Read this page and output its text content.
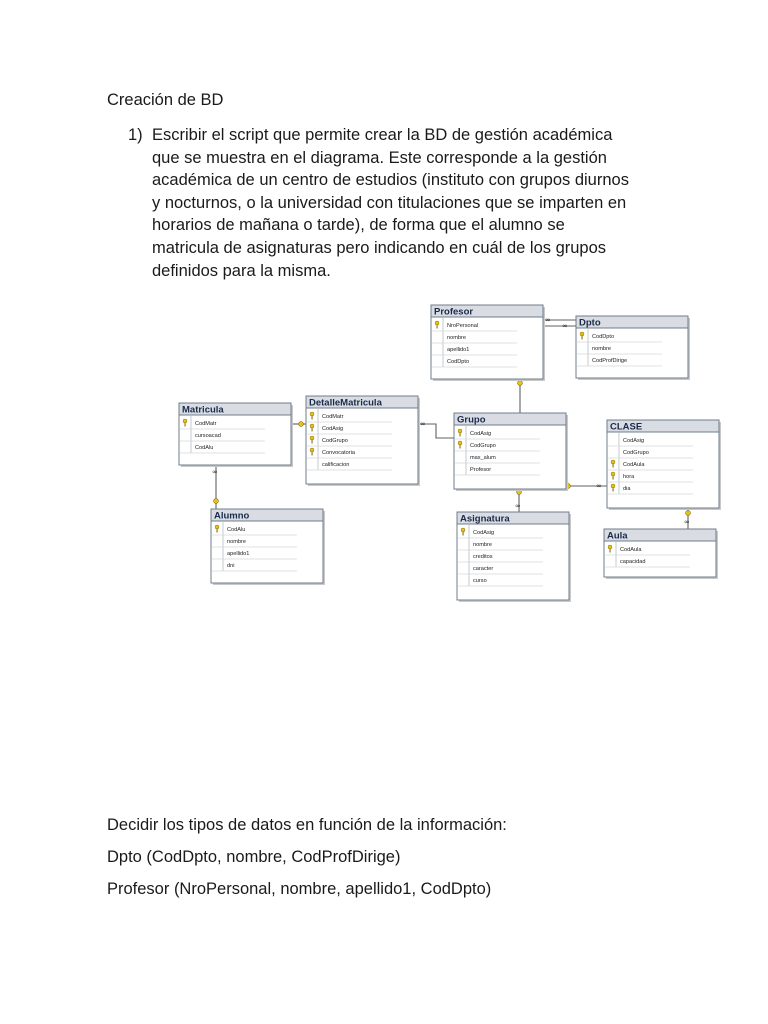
Creación de BD
1) Escribir el script que permite crear la BD de gestión académica
que se muestra en el diagrama. Este corresponde a la gestión
académica de un centro de estudios (instituto con grupos diurnos
y nocturnos, o la universidad con titulaciones que se imparten en
horarios de mañana o tarde), de forma que el alumno se
matricula de asignaturas pero indicando en cuál de los grupos
definidos para la misma.
∞
∞
∞
∞
∞
∞
∞
Profesor
NroPersonal
nombre
apellido1
CodDpto
Dpto
CodDpto
nombre
CodProfDirige
Matricula
CodMatr
cursoacad
CodAlu
DetalleMatricula
CodMatr
CodAsig
CodGrupo
Convocatoria
calificacion
Grupo
CodAsig
CodGrupo
max_alum
Profesor
CLASE
CodAsig
CodGrupo
CodAula
hora
dia
Alumno
CodAlu
nombre
apellido1
dni
Asignatura
CodAsig
nombre
creditos
caracter
curso
Aula
CodAula
capacidad
Decidir los tipos de datos en función de la información:
Dpto (CodDpto, nombre, CodProfDirige)
Profesor (NroPersonal, nombre, apellido1, CodDpto)
